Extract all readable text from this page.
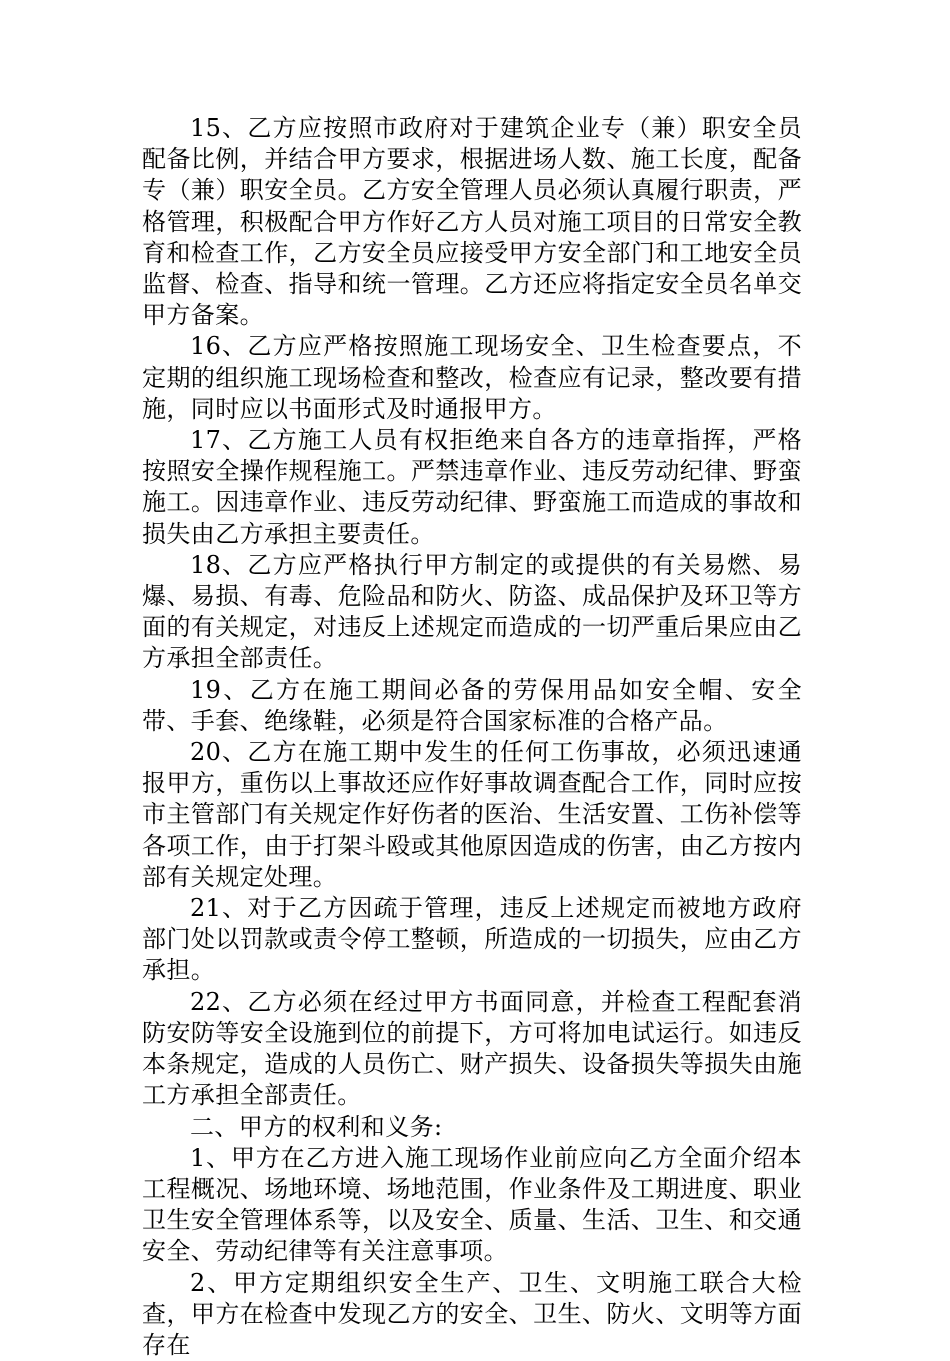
15、乙方应按照市政府对于建筑企业专（兼）职安全员配备比例，并结合甲方要求，根据进场人数、施工长度，配备专（兼）职安全员。乙方安全管理人员必须认真履行职责，严格管理，积极配合甲方作好乙方人员对施工项目的日常安全教育和检查工作，乙方安全员应接受甲方安全部门和工地安全员监督、检查、指导和统一管理。乙方还应将指定安全员名单交甲方备案。

16、乙方应严格按照施工现场安全、卫生检查要点，不定期的组织施工现场检查和整改，检查应有记录，整改要有措施，同时应以书面形式及时通报甲方。

17、乙方施工人员有权拒绝来自各方的违章指挥，严格按照安全操作规程施工。严禁违章作业、违反劳动纪律、野蛮施工。因违章作业、违反劳动纪律、野蛮施工而造成的事故和损失由乙方承担主要责任。

18、乙方应严格执行甲方制定的或提供的有关易燃、易爆、易损、有毒、危险品和防火、防盗、成品保护及环卫等方面的有关规定，对违反上述规定而造成的一切严重后果应由乙方承担全部责任。

19、乙方在施工期间必备的劳保用品如安全帽、安全带、手套、绝缘鞋，必须是符合国家标准的合格产品。

20、乙方在施工期中发生的任何工伤事故，必须迅速通报甲方，重伤以上事故还应作好事故调查配合工作，同时应按市主管部门有关规定作好伤者的医治、生活安置、工伤补偿等各项工作，由于打架斗殴或其他原因造成的伤害，由乙方按内部有关规定处理。

21、对于乙方因疏于管理，违反上述规定而被地方政府部门处以罚款或责令停工整顿，所造成的一切损失，应由乙方承担。

22、乙方必须在经过甲方书面同意，并检查工程配套消防安防等安全设施到位的前提下，方可将加电试运行。如违反本条规定，造成的人员伤亡、财产损失、设备损失等损失由施工方承担全部责任。

二、甲方的权利和义务:

1、甲方在乙方进入施工现场作业前应向乙方全面介绍本工程概况、场地环境、场地范围，作业条件及工期进度、职业卫生安全管理体系等，以及安全、质量、生活、卫生、和交通安全、劳动纪律等有关注意事项。

2、甲方定期组织安全生产、卫生、文明施工联合大检查，甲方在检查中发现乙方的安全、卫生、防火、文明等方面存在
